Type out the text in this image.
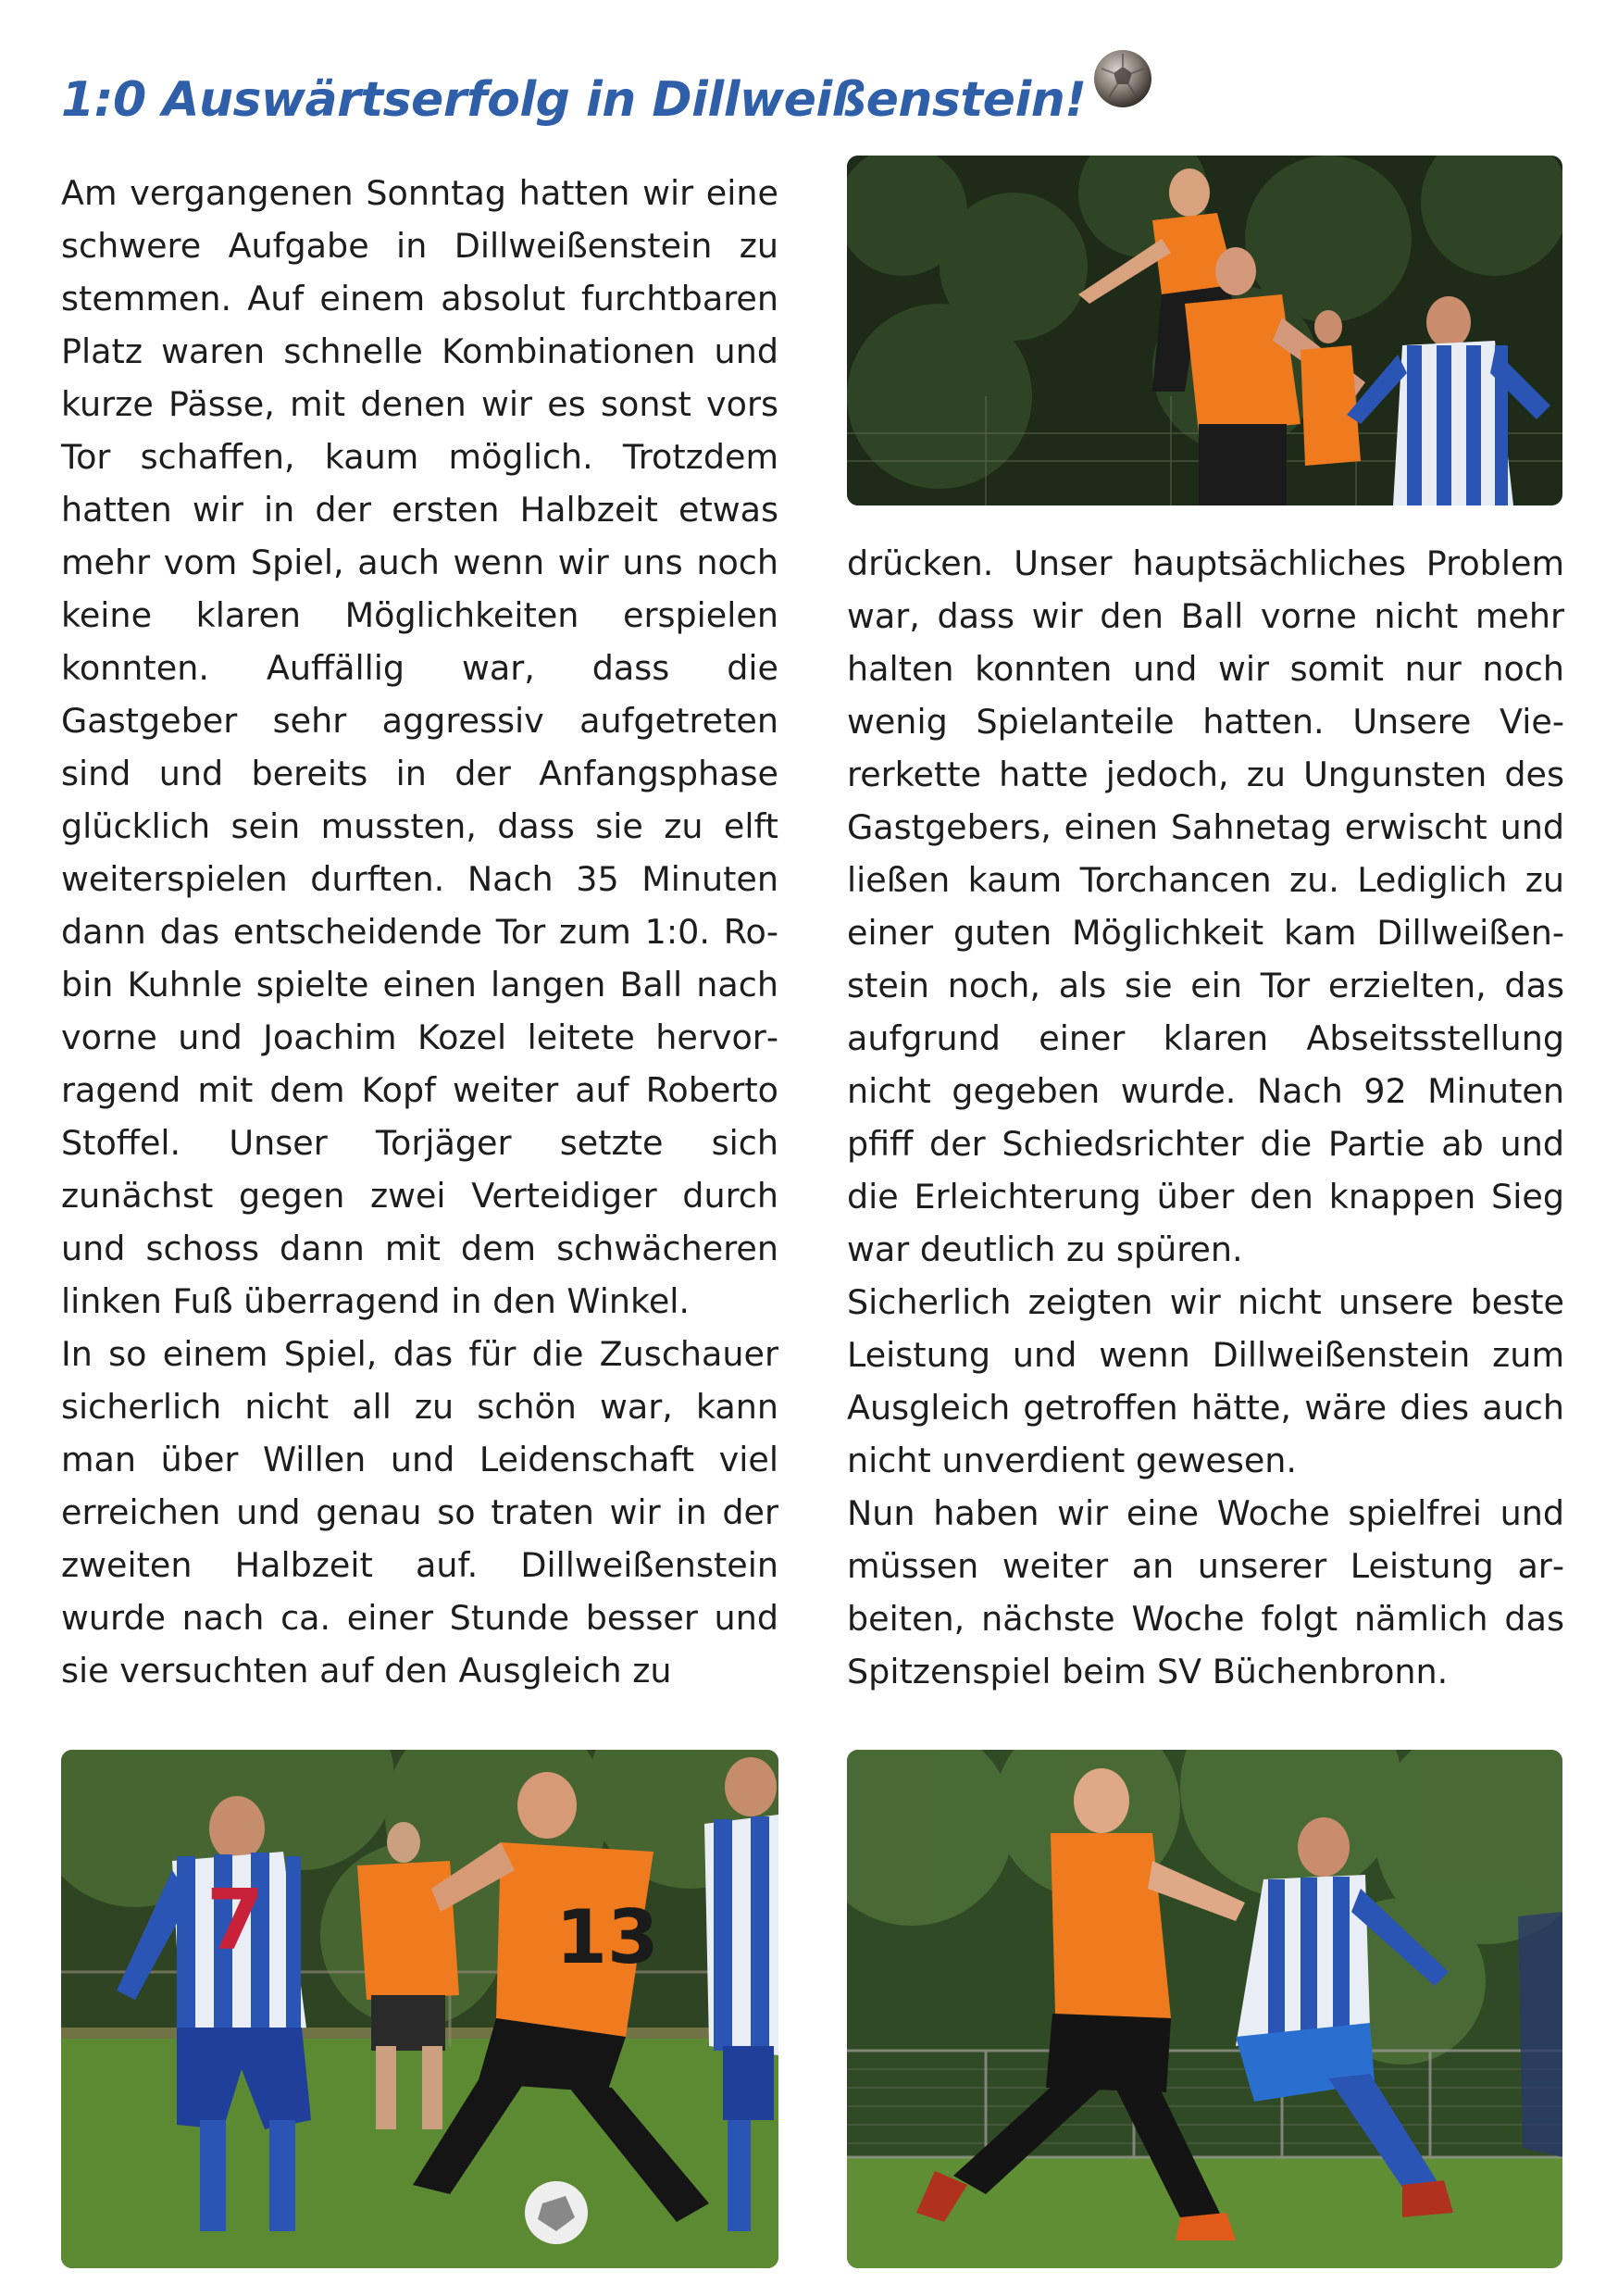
1:0 Auswärtserfolg in Dillweißenstein!

Am vergangenen Sonntag hatten wir eine schwere Aufgabe in Dillweißenstein zu stemmen. Auf einem absolut furchtbaren Platz waren schnelle Kombinationen und kurze Pässe, mit denen wir es sonst vors Tor schaffen, kaum möglich. Trotzdem hatten wir in der ersten Halbzeit etwas mehr vom Spiel, auch wenn wir uns noch keine klaren Möglichkeiten erspielen konnten. Auffällig war, dass die Gastgeber sehr aggressiv aufgetreten sind und bereits in der Anfangsphase glücklich sein mussten, dass sie zu elft weiterspielen durften. Nach 35 Minuten dann das entscheidende Tor zum 1:0. Robin Kuhnle spielte einen langen Ball nach vorne und Joachim Kozel leitete hervorragend mit dem Kopf weiter auf Roberto Stoffel. Unser Torjäger setzte sich zunächst gegen zwei Verteidiger durch und schoss dann mit dem schwächeren linken Fuß überragend in den Winkel.

In so einem Spiel, das für die Zuschauer sicherlich nicht all zu schön war, kann man über Willen und Leidenschaft viel erreichen und genau so traten wir in der zweiten Halbzeit auf. Dillweißenstein wurde nach ca. einer Stunde besser und sie versuchten auf den Ausgleich zu

drücken. Unser hauptsächliches Problem war, dass wir den Ball vorne nicht mehr halten konnten und wir somit nur noch wenig Spielanteile hatten. Unsere Viererkette hatte jedoch, zu Ungunsten des Gastgebers, einen Sahnetag erwischt und ließen kaum Torchancen zu. Lediglich zu einer guten Möglichkeit kam Dillweißenstein noch, als sie ein Tor erzielten, das aufgrund einer klaren Abseitsstellung nicht gegeben wurde. Nach 92 Minuten pfiff der Schiedsrichter die Partie ab und die Erleichterung über den knappen Sieg war deutlich zu spüren.

Sicherlich zeigten wir nicht unsere beste Leistung und wenn Dillweißenstein zum Ausgleich getroffen hätte, wäre dies auch nicht unverdient gewesen.

Nun haben wir eine Woche spielfrei und müssen weiter an unserer Leistung arbeiten, nächste Woche folgt nämlich das Spitzenspiel beim SV Büchenbronn.

7	13
